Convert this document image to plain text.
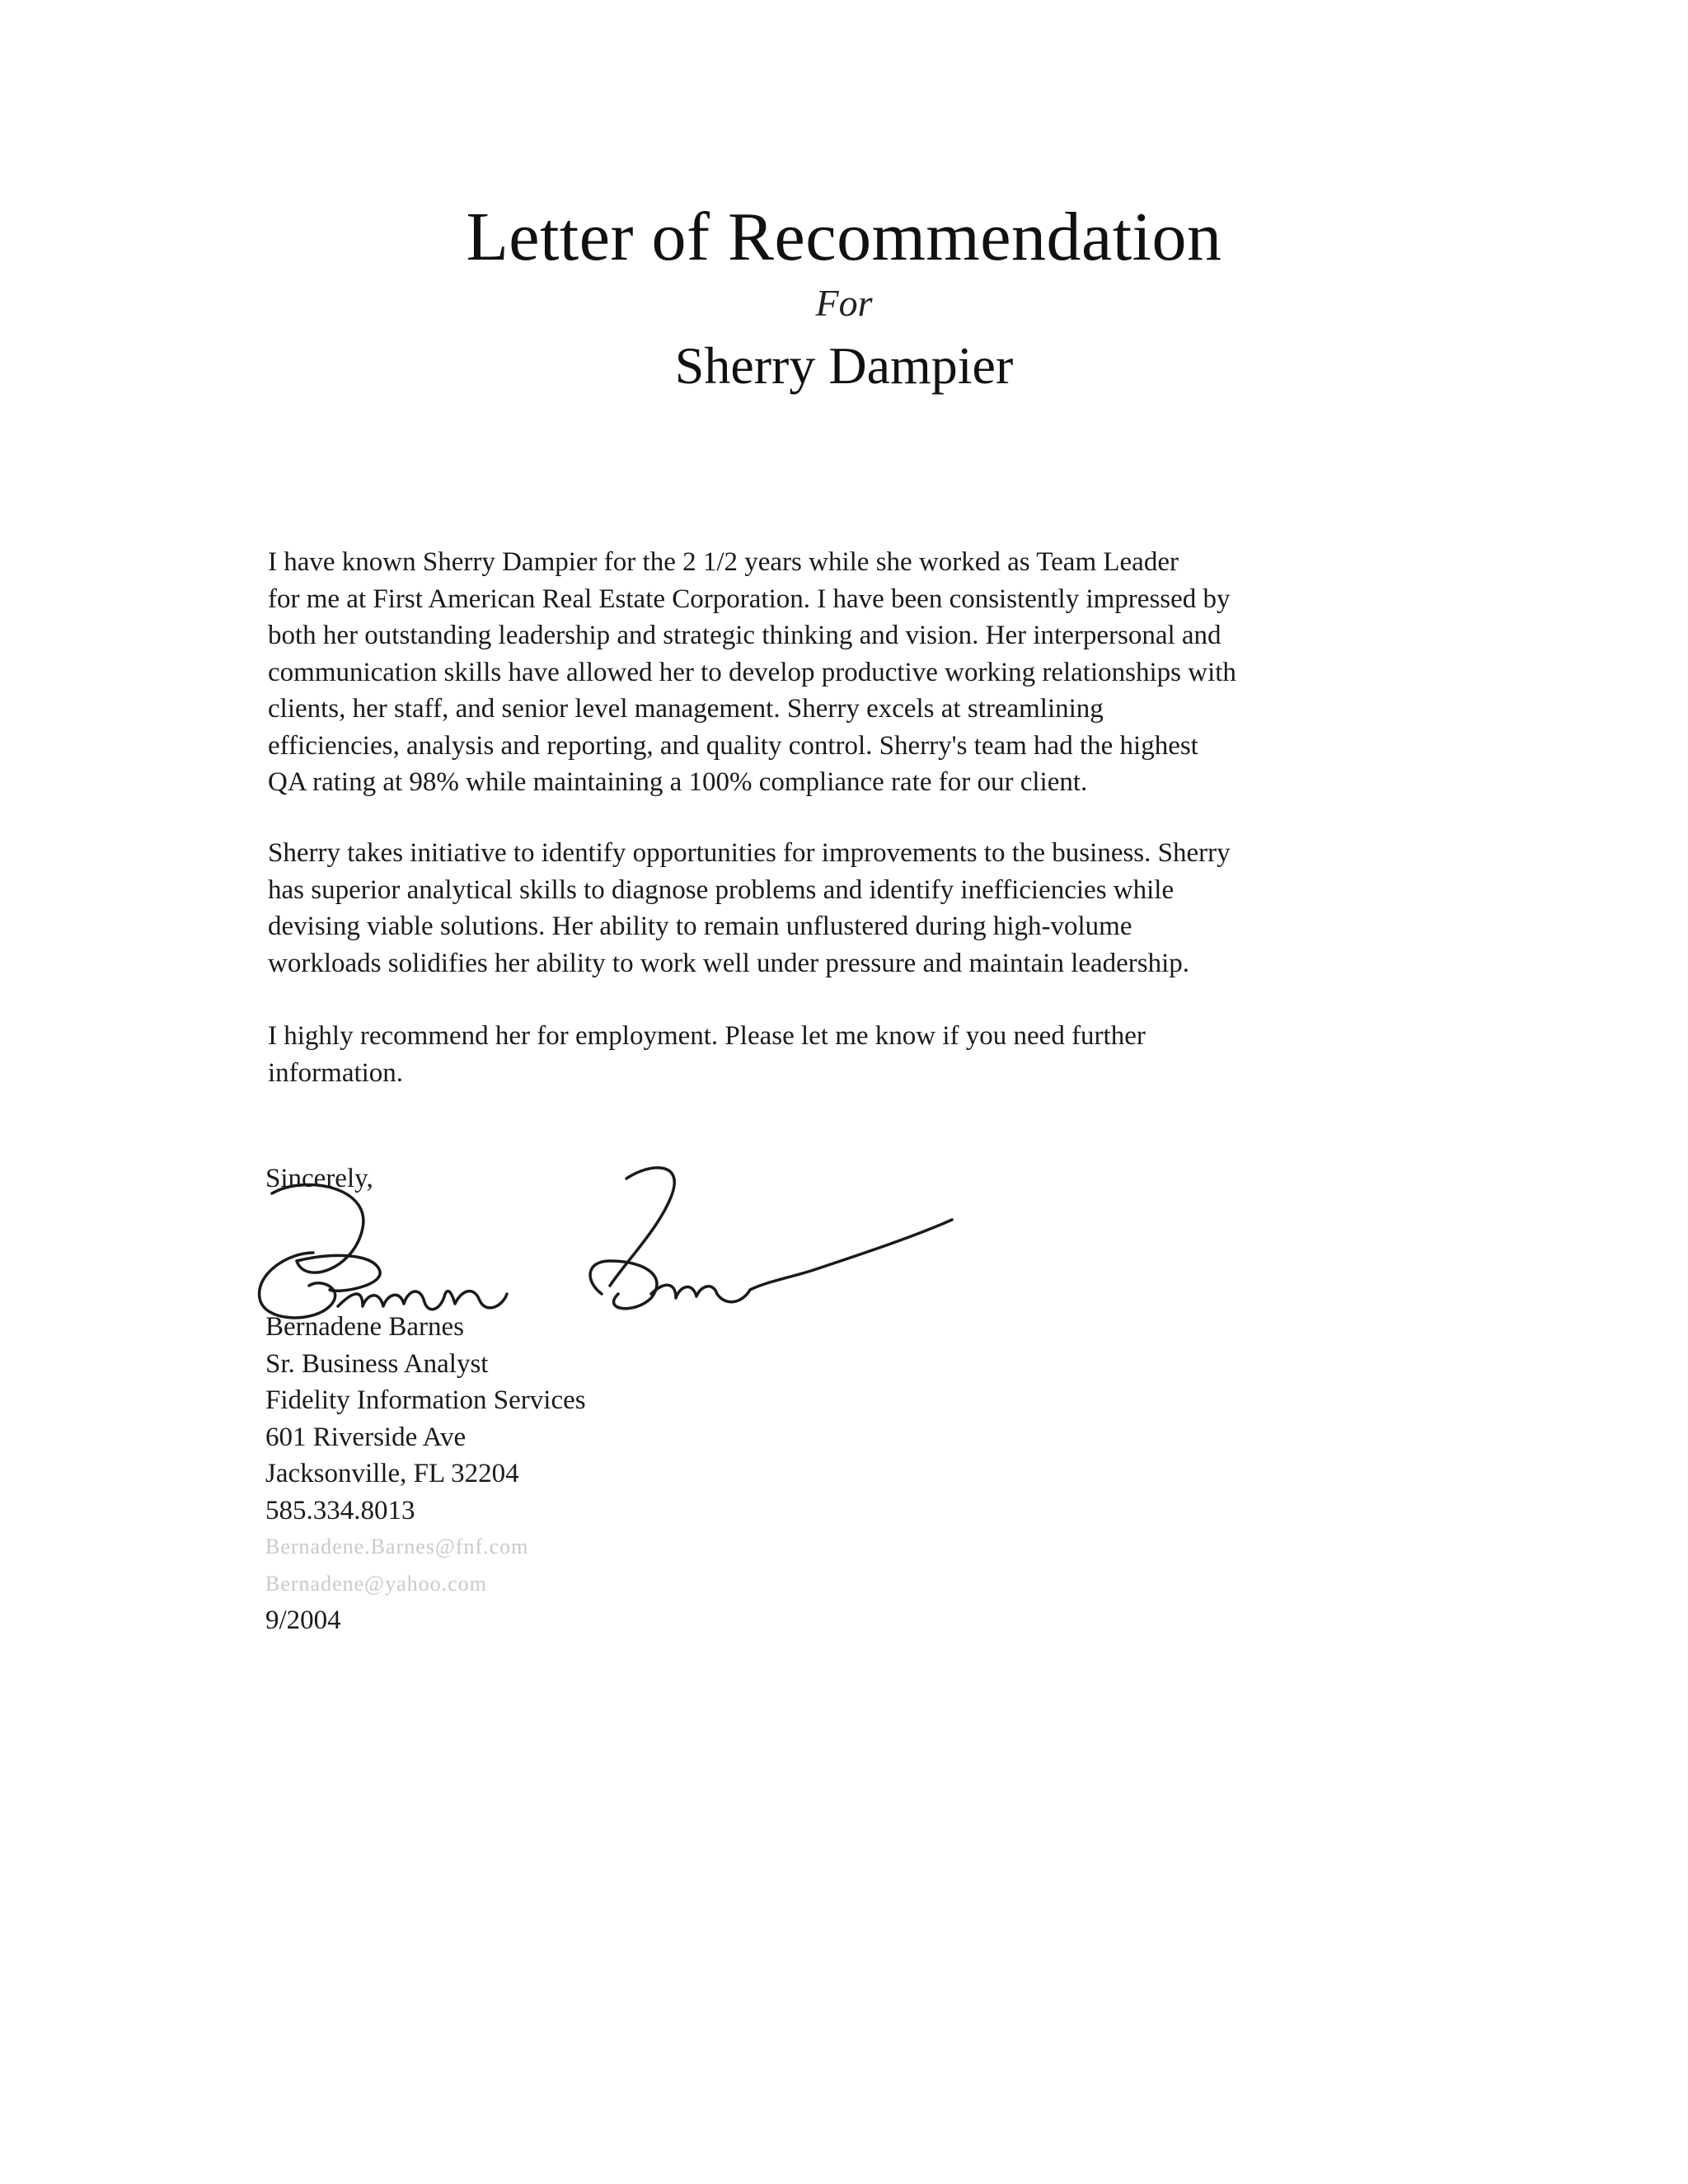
Letter of Recommendation
For
Sherry Dampier
I have known Sherry Dampier for the 2 1/2 years while she worked as Team Leader
for me at First American Real Estate Corporation. I have been consistently impressed by
both her outstanding leadership and strategic thinking and vision. Her interpersonal and
communication skills have allowed her to develop productive working relationships with
clients, her staff, and senior level management. Sherry excels at streamlining
efficiencies, analysis and reporting, and quality control. Sherry's team had the highest
QA rating at 98% while maintaining a 100% compliance rate for our client.
Sherry takes initiative to identify opportunities for improvements to the business. Sherry
has superior analytical skills to diagnose problems and identify inefficiencies while
devising viable solutions. Her ability to remain unflustered during high-volume
workloads solidifies her ability to work well under pressure and maintain leadership.
I highly recommend her for employment. Please let me know if you need further
information.
Sincerely,
Bernadene Barnes
Sr. Business Analyst
Fidelity Information Services
601 Riverside Ave
Jacksonville, FL 32204
585.334.8013
Bernadene.Barnes@fnf.com
Bernadene@yahoo.com
9/2004
